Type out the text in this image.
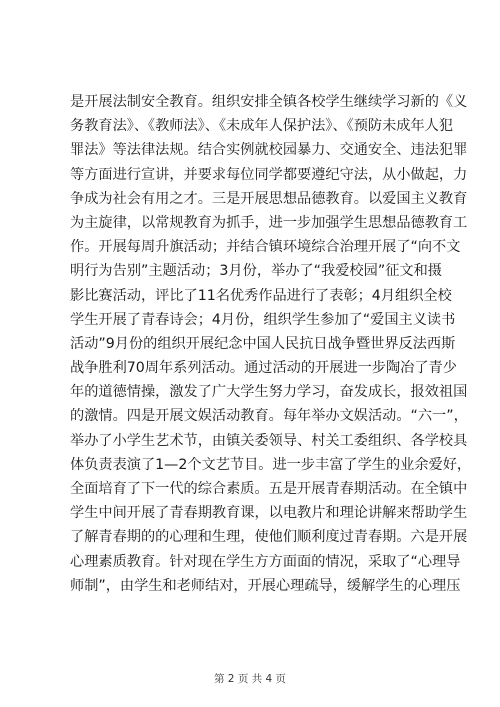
是开展法制安全教育。组织安排全镇各校学生继续学习新的《义
务教育法》、《教师法》、《未成年人保护法》、《预防未成年人犯
罪法》等法律法规。结合实例就校园暴力、交通安全、违法犯罪
等方面进行宣讲，并要求每位同学都要遵纪守法，从小做起，力
争成为社会有用之才。三是开展思想品德教育。以爱国主义教育
为主旋律，以常规教育为抓手，进一步加强学生思想品德教育工
作。开展每周升旗活动；并结合镇环境综合治理开展了“向不文
明行为告别”主题活动；3月份，举办了“我爱校园”征文和摄
影比赛活动，评比了11名优秀作品进行了表彰；4月组织全校
学生开展了青春诗会；4月份，组织学生参加了“爱国主义读书
活动”9月份的组织开展纪念中国人民抗日战争暨世界反法西斯
战争胜利70周年系列活动。通过活动的开展进一步陶冶了青少
年的道德情操，激发了广大学生努力学习，奋发成长，报效祖国
的激情。四是开展文娱活动教育。每年举办文娱活动。“六一”，
举办了小学生艺术节，由镇关委领导、村关工委组织、各学校具
体负责表演了1—2个文艺节目。进一步丰富了学生的业余爱好，
全面培育了下一代的综合素质。五是开展青春期活动。在全镇中
学生中间开展了青春期教育课，以电教片和理论讲解来帮助学生
了解青春期的的心理和生理，使他们顺利度过青春期。六是开展
心理素质教育。针对现在学生方方面面的情况，采取了“心理导
师制”，由学生和老师结对，开展心理疏导，缓解学生的心理压
第 2 页 共 4 页
